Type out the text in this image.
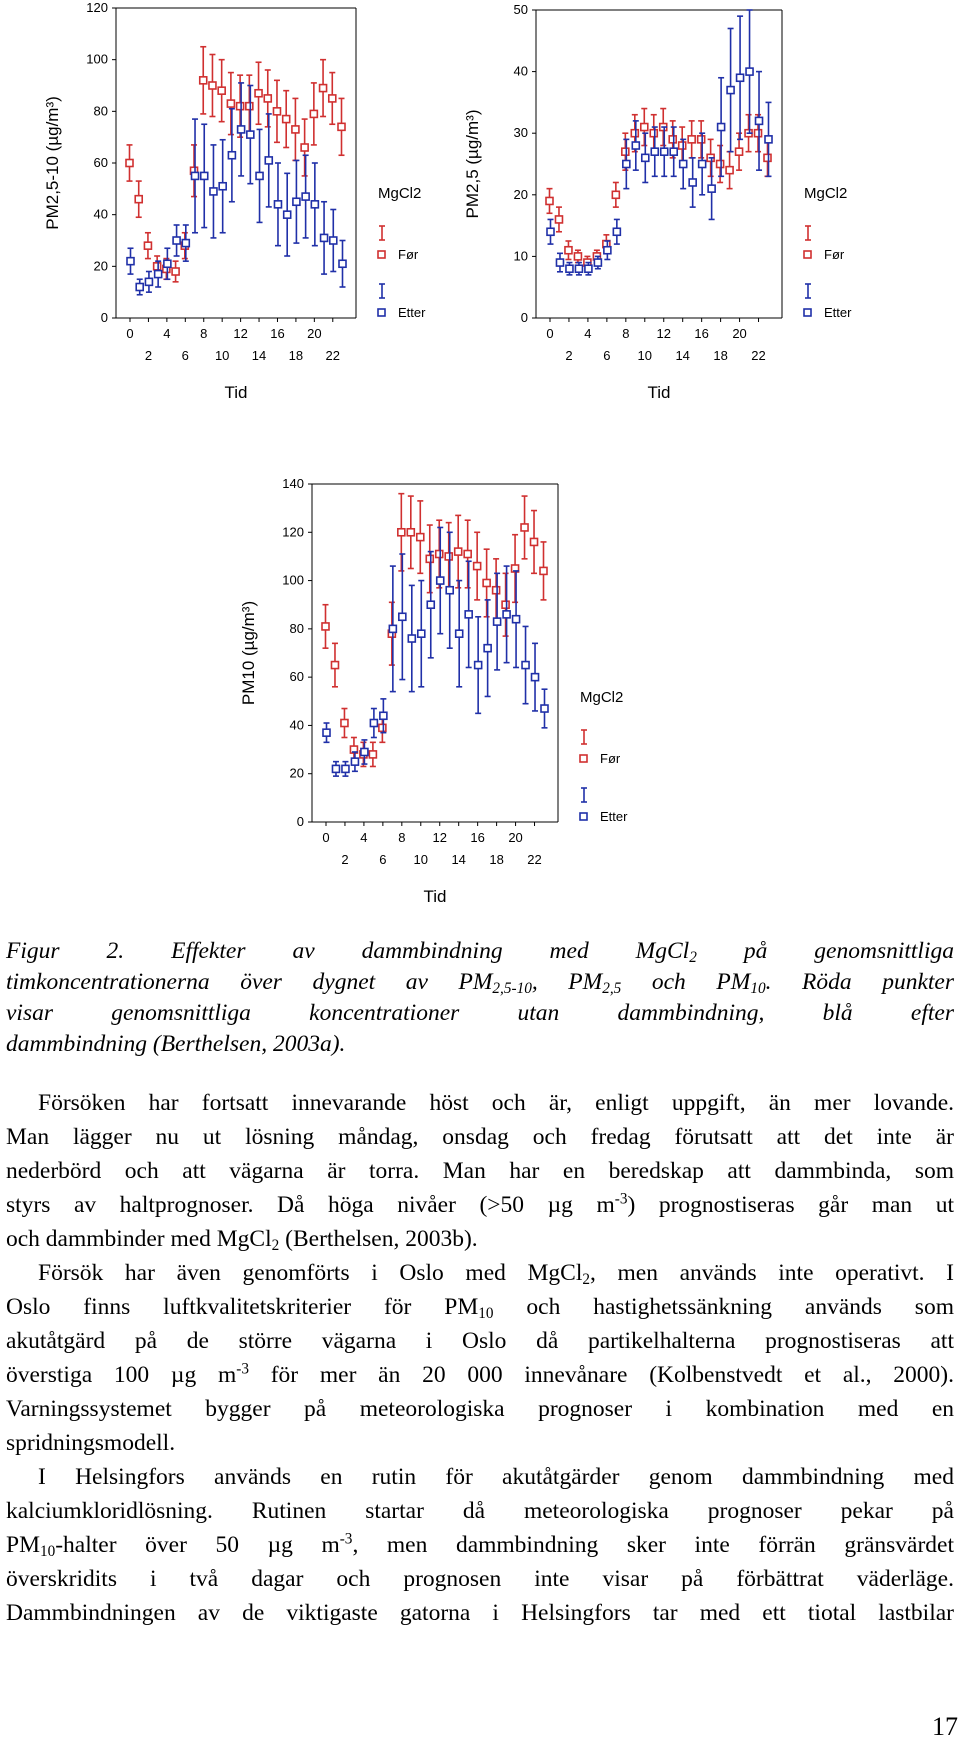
0
20
40
60
80
100
120
0 4 8 12 16 20
2 6 10 14 18 22
PM2,5-10 (µg/m³)
Tid
MgCl2
Før
Etter	0
10
20
30
40
50
0 4 8 12 16 20
2 6 10 14 18 22
PM2,5 (µg/m³)
Tid
MgCl2
Før
Etter
0
20
40
60
80
100
120
140
0 4 8 12 16 20
2 6 10 14 18 22
PM10 (µg/m³)
Tid
MgCl2
Før
Etter
Figur 2. Effekter av dammbindning med MgCl$_2$ på genomsnittliga
timkoncentrationerna över dygnet av $PM_{2,5-10}$, $PM_{2,5}$ och $PM_{10}$. Röda punkter
visar genomsnittliga koncentrationer utan dammbindning, blå efter
dammbindning (Berthelsen, 2003a).
Försöken har fortsatt innevarande höst och är, enligt uppgift, än mer lovande.
Man lägger nu ut lösning måndag, onsdag och fredag förutsatt att det inte är
nederbörd och att vägarna är torra. Man har en beredskap att dammbinda, som
styrs av haltprognoser. Då höga nivåer (>50 µg $m^{-3}$) prognostiseras går man ut
och dammbinder med MgCl$_2$ (Berthelsen, 2003b).
Försök har även genomförts i Oslo med MgCl$_2$, men används inte operativt. I
Oslo finns luftkvalitetskriterier för $PM_{10}$ och hastighetssänkning används som
akutåtgärd på de större vägarna i Oslo då partikelhalterna prognostiseras att
överstiga 100 µg $m^{-3}$ för mer än 20 000 innevånare (Kolbenstvedt et al., 2000).
Varningssystemet bygger på meteorologiska prognoser i kombination med en
spridningsmodell.
I Helsingfors används en rutin för akutåtgärder genom dammbindning med
kalciumkloridlösning. Rutinen startar då meteorologiska prognoser pekar på
$PM_{10}$-halter över 50 µg $m^{-3}$, men dammbindning sker inte förrän gränsvärdet
överskridits i två dagar och prognosen inte visar på förbättrat väderläge.
Dammbindningen av de viktigaste gatorna i Helsingfors tar med ett tiotal lastbilar
17
